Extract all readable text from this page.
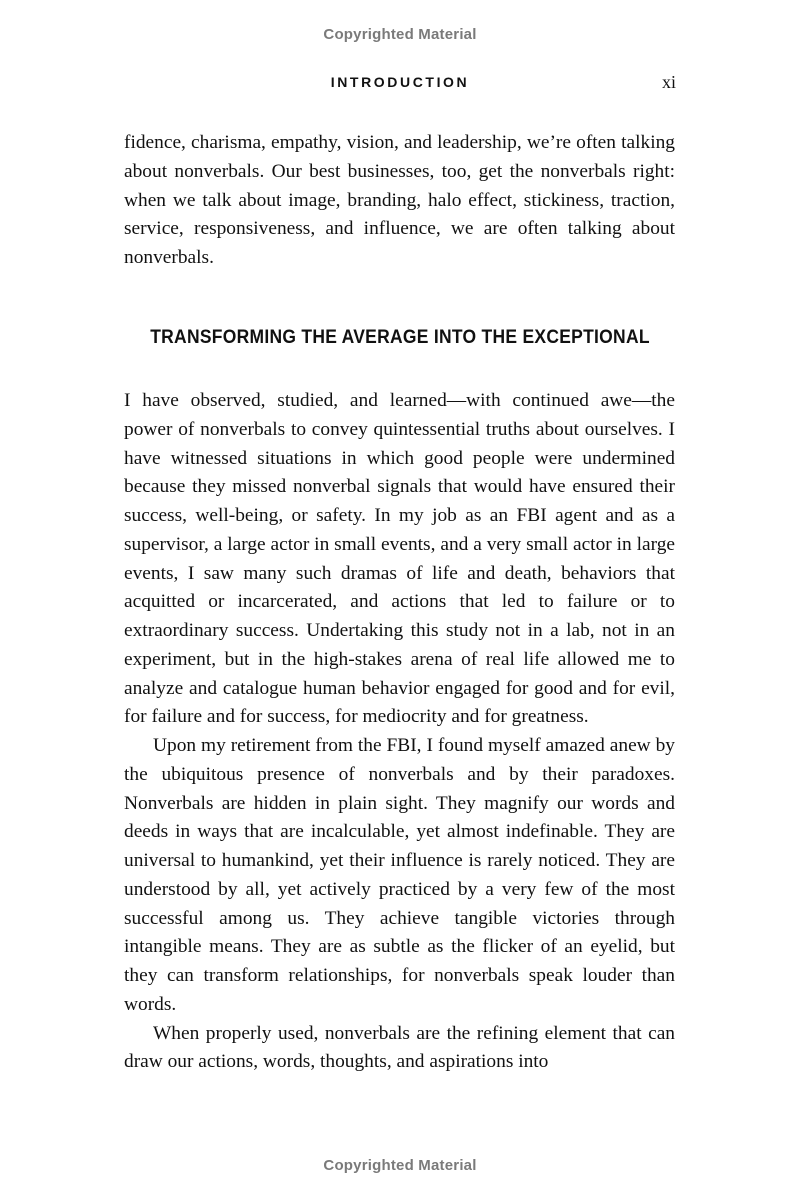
Copyrighted Material
INTRODUCTION	xi

fidence, charisma, empathy, vision, and leadership, we’re often talking about nonverbals. Our best businesses, too, get the nonverbals right: when we talk about image, branding, halo effect, stickiness, traction, service, responsiveness, and influence, we are often talking about nonverbals.

TRANSFORMING THE AVERAGE INTO THE EXCEPTIONAL

I have observed, studied, and learned—with continued awe—the power of nonverbals to convey quintessential truths about ourselves. I have witnessed situations in which good people were undermined because they missed nonverbal signals that would have ensured their success, well-being, or safety. In my job as an FBI agent and as a supervisor, a large actor in small events, and a very small actor in large events, I saw many such dramas of life and death, behaviors that acquitted or incarcerated, and actions that led to failure or to extraordinary success. Undertaking this study not in a lab, not in an experiment, but in the high-stakes arena of real life allowed me to analyze and catalogue human behavior engaged for good and for evil, for failure and for success, for mediocrity and for greatness.

Upon my retirement from the FBI, I found myself amazed anew by the ubiquitous presence of nonverbals and by their paradoxes. Nonverbals are hidden in plain sight. They magnify our words and deeds in ways that are incalculable, yet almost indefinable. They are universal to humankind, yet their influence is rarely noticed. They are understood by all, yet actively practiced by a very few of the most successful among us. They achieve tangible victories through intangible means. They are as subtle as the flicker of an eyelid, but they can transform relationships, for nonverbals speak louder than words.

When properly used, nonverbals are the refining element that can draw our actions, words, thoughts, and aspirations into

Copyrighted Material
